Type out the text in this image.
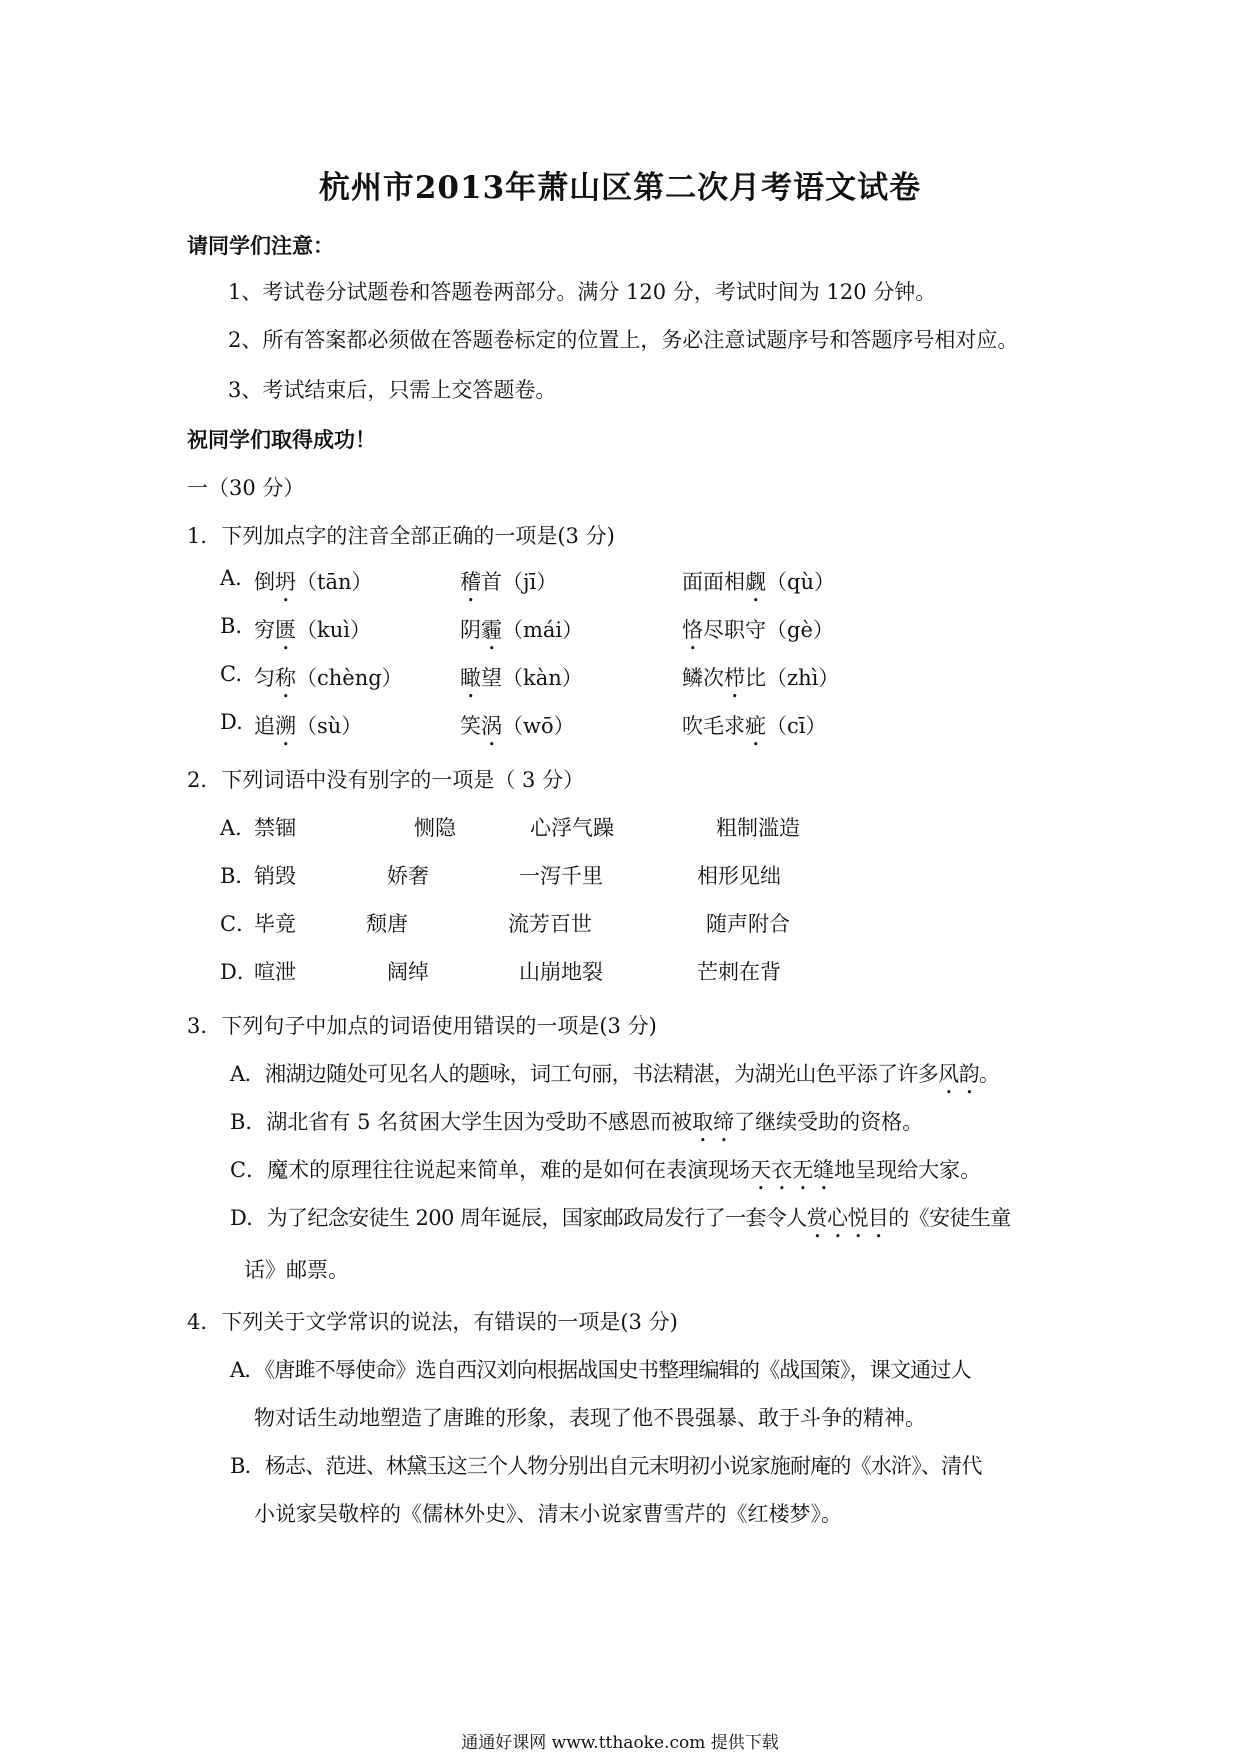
杭州市2013年萧山区第二次月考语文试卷
请同学们注意：
1、考试卷分试题卷和答题卷两部分。满分 120 分，考试时间为 120 分钟。
2、所有答案都必须做在答题卷标定的位置上，务必注意试题序号和答题序号相对应。
3、考试结束后，只需上交答题卷。
祝同学们取得成功！
一（30 分）
1．下列加点字的注音全部正确的一项是(3 分)
A. 倒坍（tān）	稽首（jī）	面面相觑（qù）
B. 穷匮（kuì）	阴霾（mái）	恪尽职守（gè）
C. 匀称（chèng）	瞰望（kàn）	鳞次栉比（zhì）
D. 追溯（sù）	笑涡（wō）	吹毛求疵（cī）
2．下列词语中没有别字的一项是（ 3 分）
A．
禁锢	恻隐	心浮气躁	粗制滥造
B．
销毁	娇奢	一泻千里	相形见绌
C．
毕竟	颓唐	流芳百世	随声附合
D．
喧泄	阔绰	山崩地裂	芒刺在背
3．下列句子中加点的词语使用错误的一项是(3 分)
A．湘湖边随处可见名人的题咏，词工句丽，书法精湛，为湖光山色平添了许多风韵。
B．湖北省有 5 名贫困大学生因为受助不感恩而被取缔了继续受助的资格。
C．魔术的原理往往说起来简单，难的是如何在表演现场天衣无缝地呈现给大家。
D．为了纪念安徒生 200 周年诞辰，国家邮政局发行了一套令人赏心悦目的《安徒生童
话》邮票。
4．下列关于文学常识的说法，有错误的一项是(3 分)
A．《唐雎不辱使命》选自西汉刘向根据战国史书整理编辑的《战国策》，课文通过人
物对话生动地塑造了唐雎的形象，表现了他不畏强暴、敢于斗争的精神。
B．杨志、范进、林黛玉这三个人物分别出自元末明初小说家施耐庵的《水浒》、清代
小说家吴敬梓的《儒林外史》、清末小说家曹雪芹的《红楼梦》。
通通好课网 www.tthaoke.com 提供下载
